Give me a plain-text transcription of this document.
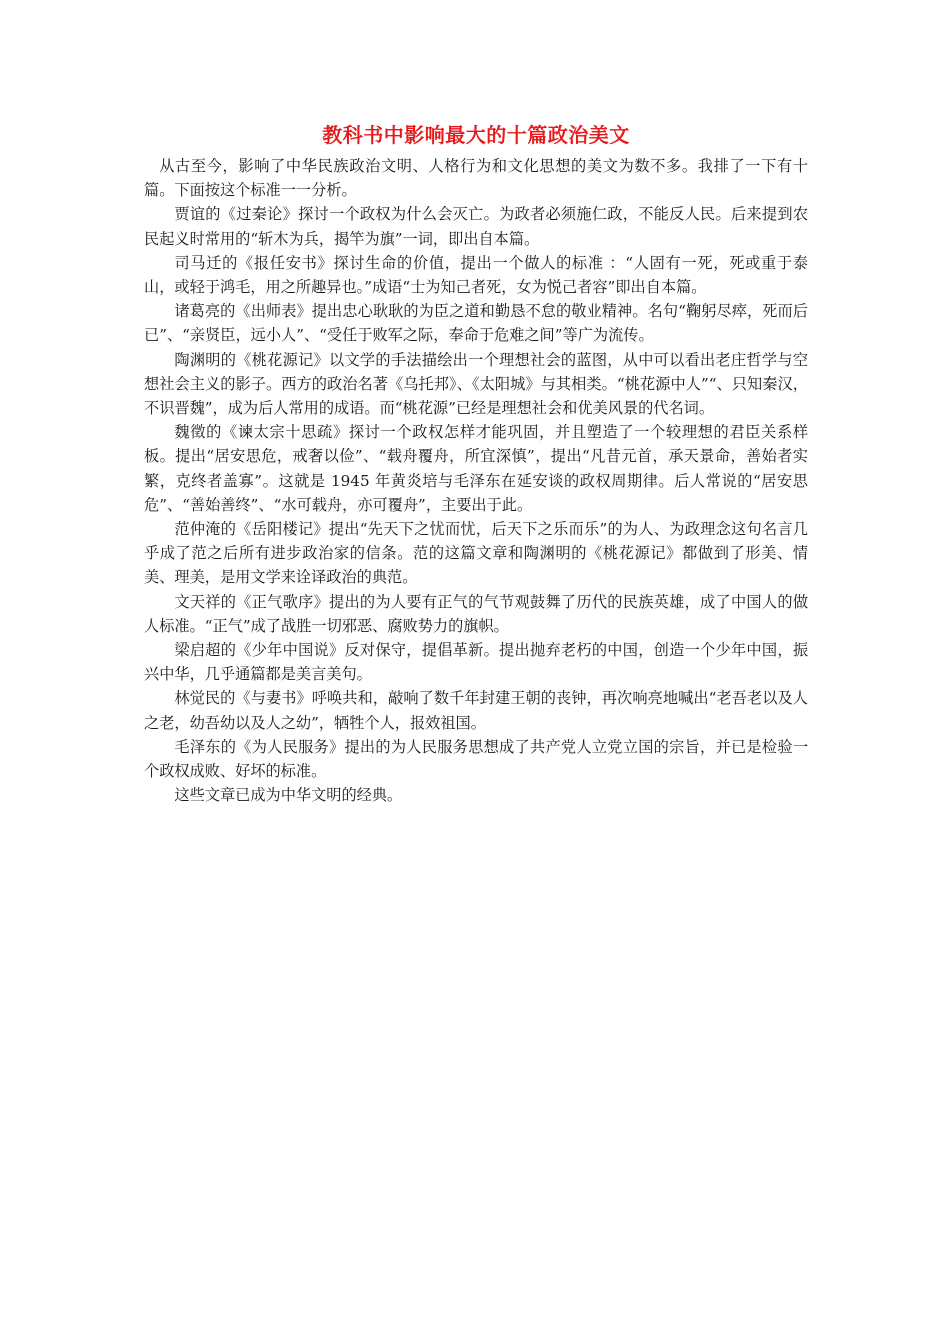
教科书中影响最大的十篇政治美文

从古至今，影响了中华民族政治文明、人格行为和文化思想的美文为数不多。我排了一下有十篇。下面按这个标准一一分析。

贾谊的《过秦论》探讨一个政权为什么会灭亡。为政者必须施仁政，不能反人民。后来提到农民起义时常用的“斩木为兵，揭竿为旗”一词，即出自本篇。

司马迁的《报任安书》探讨生命的价值，提出一个做人的标准 ：“人固有一死，死或重于泰山，或轻于鸿毛，用之所趣异也。”成语“士为知己者死，女为悦己者容”即出自本篇。

诸葛亮的《出师表》提出忠心耿耿的为臣之道和勤恳不怠的敬业精神。名句“鞠躬尽瘁，死而后已”、“亲贤臣，远小人”、“受任于败军之际，奉命于危难之间”等广为流传。

陶渊明的《桃花源记》以文学的手法描绘出一个理想社会的蓝图，从中可以看出老庄哲学与空想社会主义的影子。西方的政治名著《乌托邦》、《太阳城》与其相类。“桃花源中人”“、只知秦汉，不识晋魏”，成为后人常用的成语。而“桃花源”已经是理想社会和优美风景的代名词。

魏徵的《谏太宗十思疏》探讨一个政权怎样才能巩固，并且塑造了一个较理想的君臣关系样板。提出“居安思危，戒奢以俭”、“载舟覆舟，所宜深慎”，提出“凡昔元首，承天景命，善始者实繁，克终者盖寡”。这就是 1945 年黄炎培与毛泽东在延安谈的政权周期律。后人常说的“居安思危”、“善始善终”、“水可载舟，亦可覆舟”，主要出于此。

范仲淹的《岳阳楼记》提出“先天下之忧而忧，后天下之乐而乐”的为人、为政理念这句名言几乎成了范之后所有进步政治家的信条。范的这篇文章和陶渊明的《桃花源记》都做到了形美、情美、理美，是用文学来诠译政治的典范。

文天祥的《正气歌序》提出的为人要有正气的气节观鼓舞了历代的民族英雄，成了中国人的做人标准。“正气”成了战胜一切邪恶、腐败势力的旗帜。

梁启超的《少年中国说》反对保守，提倡革新。提出抛弃老朽的中国，创造一个少年中国，振兴中华，几乎通篇都是美言美句。

林觉民的《与妻书》呼唤共和，敲响了数千年封建王朝的丧钟，再次响亮地喊出“老吾老以及人之老，幼吾幼以及人之幼”，牺牲个人，报效祖国。

毛泽东的《为人民服务》提出的为人民服务思想成了共产党人立党立国的宗旨，并已是检验一个政权成败、好坏的标准。

这些文章已成为中华文明的经典。
